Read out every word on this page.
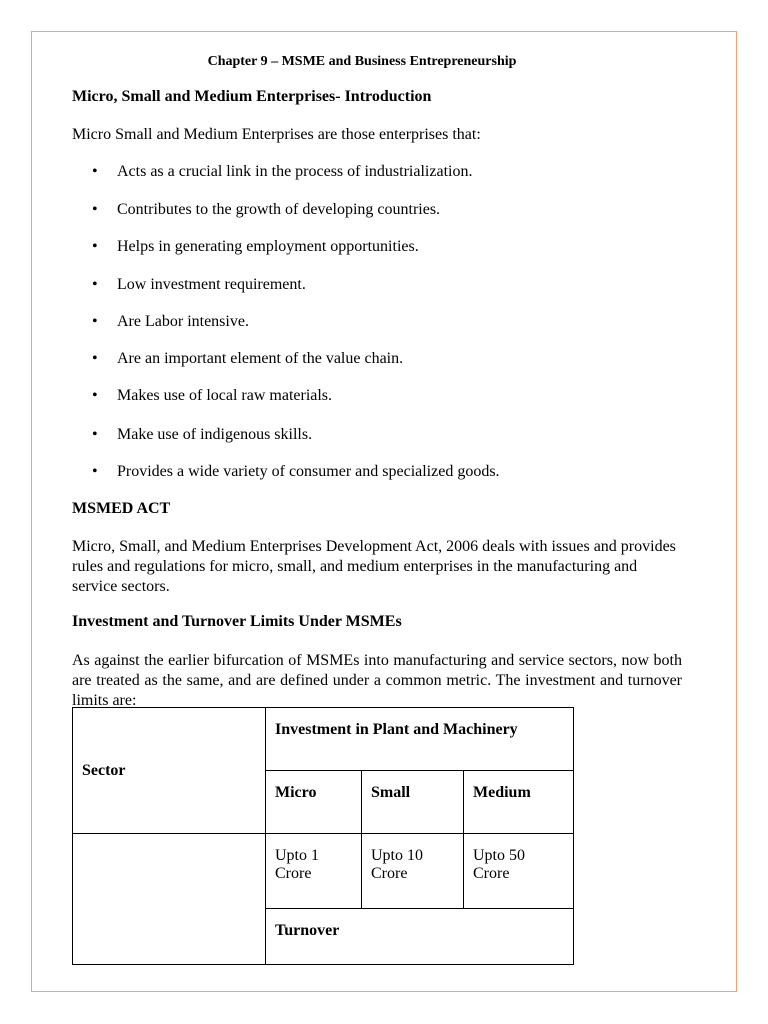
Chapter 9 – MSME and Business Entrepreneurship
Micro, Small and Medium Enterprises- Introduction
Micro Small and Medium Enterprises are those enterprises that:
• Acts as a crucial link in the process of industrialization.
• Contributes to the growth of developing countries.
• Helps in generating employment opportunities.
• Low investment requirement.
• Are Labor intensive.
• Are an important element of the value chain.
• Makes use of local raw materials.
• Make use of indigenous skills.
• Provides a wide variety of consumer and specialized goods.
MSMED ACT
Micro, Small, and Medium Enterprises Development Act, 2006 deals with issues and provides rules and regulations for micro, small, and medium enterprises in the manufacturing and service sectors.
Investment and Turnover Limits Under MSMEs
As against the earlier bifurcation of MSMEs into manufacturing and service sectors, now both are treated as the same, and are defined under a common metric. The investment and turnover limits are:
Sector	Investment in Plant and Machinery		
	Micro	Small	Medium
	Upto 1 Crore	Upto 10 Crore	Upto 50 Crore
	Turnover		
